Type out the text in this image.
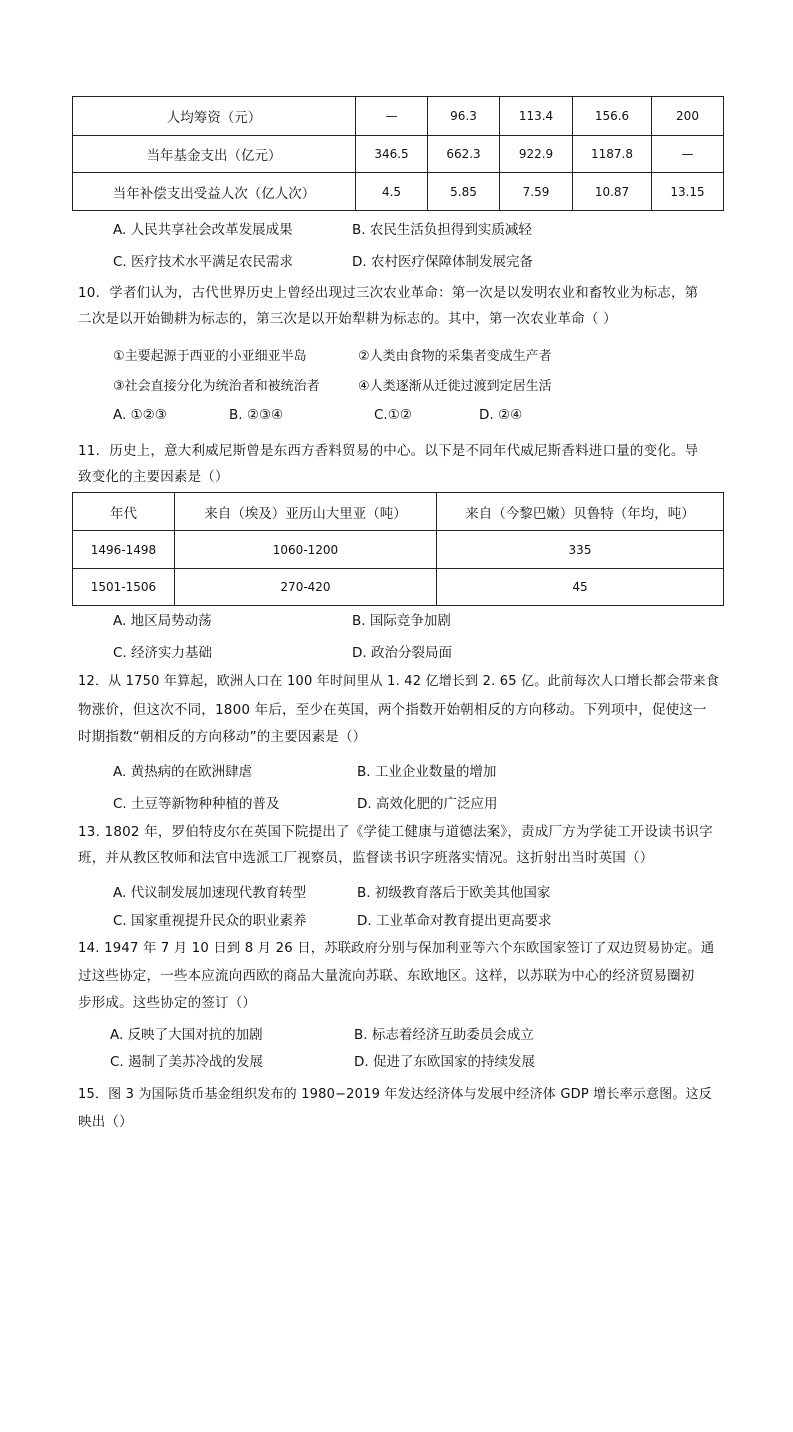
人均筹资（元）	—	96.3	113.4	156.6	200
当年基金支出（亿元）	346.5	662.3	922.9	1187.8	—
当年补偿支出受益人次（亿人次）	4.5	5.85	7.59	10.87	13.15
A. 人民共享社会改革发展成果	B. 农民生活负担得到实质减轻
C. 医疗技术水平满足农民需求	D. 农村医疗保障体制发展完备
10．学者们认为，古代世界历史上曾经出现过三次农业革命：第一次是以发明农业和畜牧业为标志，第
二次是以开始锄耕为标志的，第三次是以开始犁耕为标志的。其中，第一次农业革命（ ）
①主要起源于西亚的小亚细亚半岛	②人类由食物的采集者变成生产者
③社会直接分化为统治者和被统治者	④人类逐渐从迁徙过渡到定居生活
A. ①②③	B. ②③④	C.①②	D. ②④
11．历史上，意大利威尼斯曾是东西方香料贸易的中心。以下是不同年代威尼斯香料进口量的变化。导
致变化的主要因素是（）
年代	来自（埃及）亚历山大里亚（吨）	来自（今黎巴嫩）贝鲁特（年均，吨）
1496-1498	1060-1200	335
1501-1506	270-420	45
A. 地区局势动荡	B. 国际竞争加剧
C. 经济实力基础	D. 政治分裂局面
12．从 1750 年算起，欧洲人口在 100 年时间里从 1. 42 亿增长到 2. 65 亿。此前每次人口增长都会带来食
物涨价，但这次不同，1800 年后，至少在英国，两个指数开始朝相反的方向移动。下列项中，促使这一
时期指数“朝相反的方向移动”的主要因素是（）
A. 黄热病的在欧洲肆虐	B. 工业企业数量的增加
C. 土豆等新物种种植的普及	D. 高效化肥的广泛应用
13. 1802 年，罗伯特皮尔在英国下院提出了《学徒工健康与道德法案》，责成厂方为学徒工开设读书识字
班，并从教区牧师和法官中选派工厂视察员，监督读书识字班落实情况。这折射出当时英国（）
A. 代议制发展加速现代教育转型	B. 初级教育落后于欧美其他国家
C. 国家重视提升民众的职业素养	D. 工业革命对教育提出更高要求
14. 1947 年 7 月 10 日到 8 月 26 日，苏联政府分别与保加利亚等六个东欧国家签订了双边贸易协定。通
过这些协定，一些本应流向西欧的商品大量流向苏联、东欧地区。这样，以苏联为中心的经济贸易圈初
步形成。这些协定的签订（）
A. 反映了大国对抗的加剧	B. 标志着经济互助委员会成立
C. 遏制了美苏冷战的发展	D. 促进了东欧国家的持续发展
15．图 3 为国际货币基金组织发布的 1980−2019 年发达经济体与发展中经济体 GDP 增长率示意图。这反
映出（）
